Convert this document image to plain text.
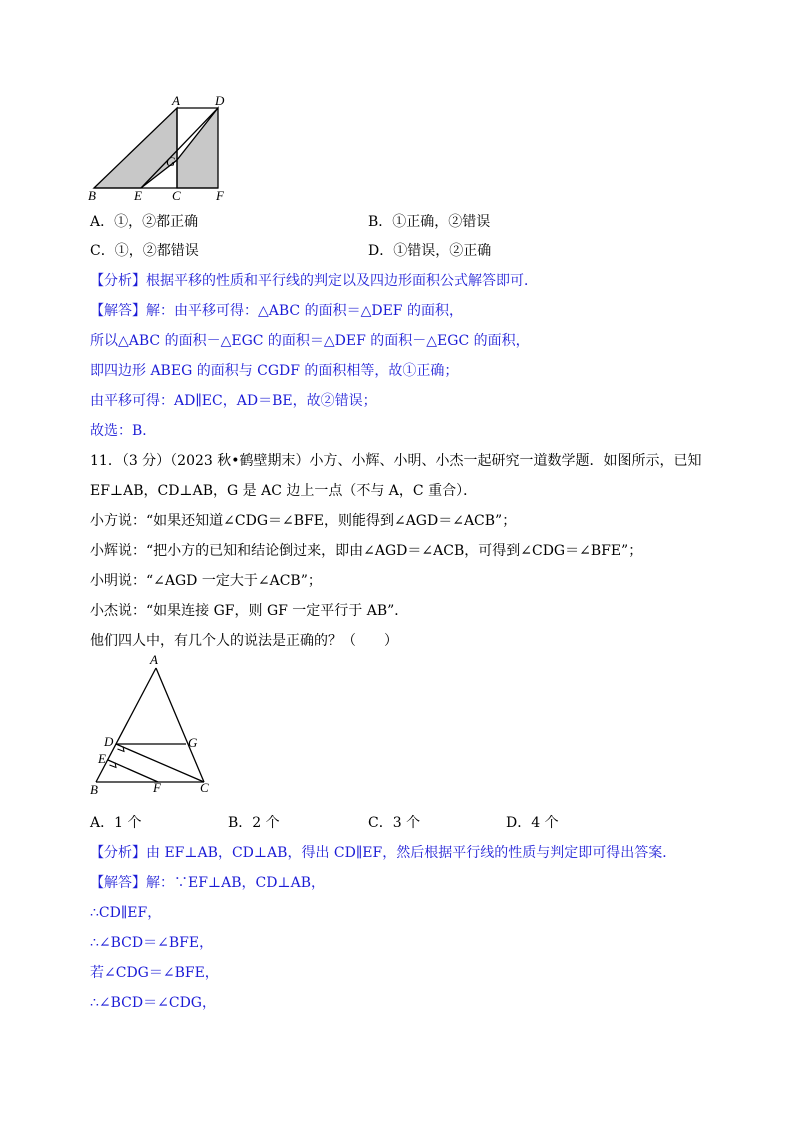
A	D
G
B	E C	F
A．①，②都正确	B．①正确，②错误
C．①，②都错误	D．①错误，②正确
【分析】根据平移的性质和平行线的判定以及四边形面积公式解答即可．
【解答】解：由平移可得：△ABC 的面积＝△DEF 的面积，
所以△ABC 的面积－△EGC 的面积＝△DEF 的面积－△EGC 的面积，
即四边形 ABEG 的面积与 CGDF 的面积相等，故①正确；
由平移可得：AD∥EC，AD＝BE，故②错误；
故选：B．
11．（3 分）（2023 秋•鹤壁期末）小方、小辉、小明、小杰一起研究一道数学题．如图所示，已知
EF⊥AB，CD⊥AB，G 是 AC 边上一点（不与 A，C 重合）．
小方说：“如果还知道∠CDG＝∠BFE，则能得到∠AGD＝∠ACB”；
小辉说：“把小方的已知和结论倒过来，即由∠AGD＝∠ACB，可得到∠CDG＝∠BFE”；
小明说：“∠AGD 一定大于∠ACB”；
小杰说：“如果连接 GF，则 GF 一定平行于 AB”．
他们四人中，有几个人的说法是正确的？（　　）
A
D	G
E
B	F	C
A．1 个	B．2 个	C．3 个	D．4 个
【分析】由 EF⊥AB，CD⊥AB，得出 CD∥EF，然后根据平行线的性质与判定即可得出答案．
【解答】解：∵EF⊥AB，CD⊥AB，
∴CD∥EF，
∴∠BCD＝∠BFE，
若∠CDG＝∠BFE，
∴∠BCD＝∠CDG，
